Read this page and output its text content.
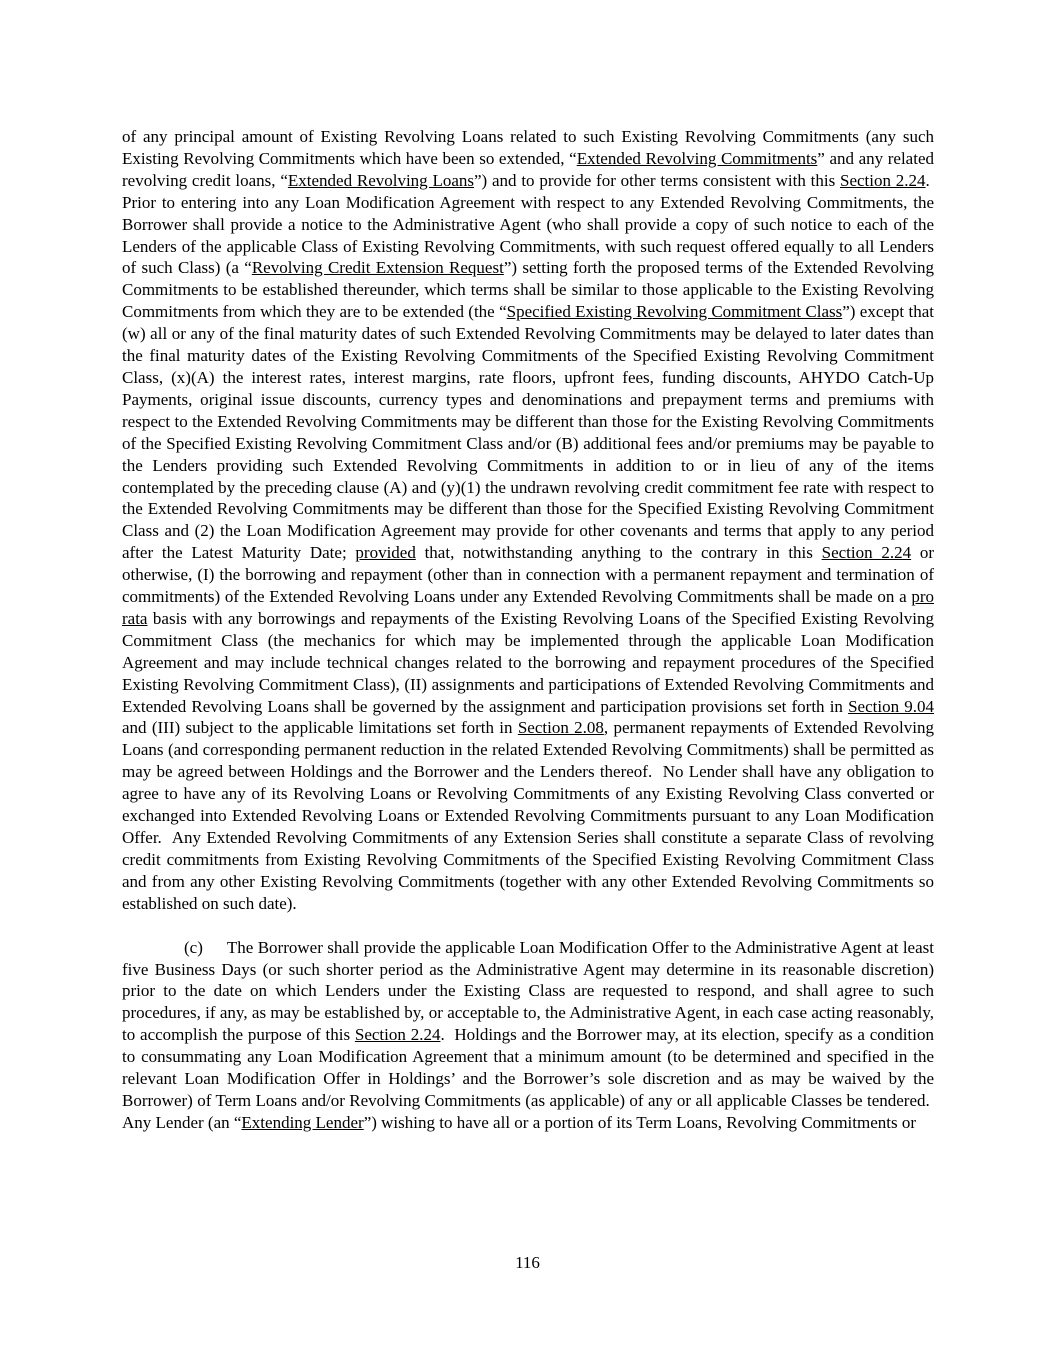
of any principal amount of Existing Revolving Loans related to such Existing Revolving Commitments (any such Existing Revolving Commitments which have been so extended, “Extended Revolving Commitments” and any related revolving credit loans, “Extended Revolving Loans”) and to provide for other terms consistent with this Section 2.24.  Prior to entering into any Loan Modification Agreement with respect to any Extended Revolving Commitments, the Borrower shall provide a notice to the Administrative Agent (who shall provide a copy of such notice to each of the Lenders of the applicable Class of Existing Revolving Commitments, with such request offered equally to all Lenders of such Class) (a “Revolving Credit Extension Request”) setting forth the proposed terms of the Extended Revolving Commitments to be established thereunder, which terms shall be similar to those applicable to the Existing Revolving Commitments from which they are to be extended (the “Specified Existing Revolving Commitment Class”) except that (w) all or any of the final maturity dates of such Extended Revolving Commitments may be delayed to later dates than the final maturity dates of the Existing Revolving Commitments of the Specified Existing Revolving Commitment Class, (x)(A) the interest rates, interest margins, rate floors, upfront fees, funding discounts, AHYDO Catch-Up Payments, original issue discounts, currency types and denominations and prepayment terms and premiums with respect to the Extended Revolving Commitments may be different than those for the Existing Revolving Commitments of the Specified Existing Revolving Commitment Class and/or (B) additional fees and/or premiums may be payable to the Lenders providing such Extended Revolving Commitments in addition to or in lieu of any of the items contemplated by the preceding clause (A) and (y)(1) the undrawn revolving credit commitment fee rate with respect to the Extended Revolving Commitments may be different than those for the Specified Existing Revolving Commitment Class and (2) the Loan Modification Agreement may provide for other covenants and terms that apply to any period after the Latest Maturity Date; provided that, notwithstanding anything to the contrary in this Section 2.24 or otherwise, (I) the borrowing and repayment (other than in connection with a permanent repayment and termination of commitments) of the Extended Revolving Loans under any Extended Revolving Commitments shall be made on a pro rata basis with any borrowings and repayments of the Existing Revolving Loans of the Specified Existing Revolving Commitment Class (the mechanics for which may be implemented through the applicable Loan Modification Agreement and may include technical changes related to the borrowing and repayment procedures of the Specified Existing Revolving Commitment Class), (II) assignments and participations of Extended Revolving Commitments and Extended Revolving Loans shall be governed by the assignment and participation provisions set forth in Section 9.04 and (III) subject to the applicable limitations set forth in Section 2.08, permanent repayments of Extended Revolving Loans (and corresponding permanent reduction in the related Extended Revolving Commitments) shall be permitted as may be agreed between Holdings and the Borrower and the Lenders thereof.  No Lender shall have any obligation to agree to have any of its Revolving Loans or Revolving Commitments of any Existing Revolving Class converted or exchanged into Extended Revolving Loans or Extended Revolving Commitments pursuant to any Loan Modification Offer.  Any Extended Revolving Commitments of any Extension Series shall constitute a separate Class of revolving credit commitments from Existing Revolving Commitments of the Specified Existing Revolving Commitment Class and from any other Existing Revolving Commitments (together with any other Extended Revolving Commitments so established on such date).

(c) The Borrower shall provide the applicable Loan Modification Offer to the Administrative Agent at least five Business Days (or such shorter period as the Administrative Agent may determine in its reasonable discretion) prior to the date on which Lenders under the Existing Class are requested to respond, and shall agree to such procedures, if any, as may be established by, or acceptable to, the Administrative Agent, in each case acting reasonably, to accomplish the purpose of this Section 2.24.  Holdings and the Borrower may, at its election, specify as a condition to consummating any Loan Modification Agreement that a minimum amount (to be determined and specified in the relevant Loan Modification Offer in Holdings’ and the Borrower’s sole discretion and as may be waived by the Borrower) of Term Loans and/or Revolving Commitments (as applicable) of any or all applicable Classes be tendered.  Any Lender (an “Extending Lender”) wishing to have all or a portion of its Term Loans, Revolving Commitments or

116
